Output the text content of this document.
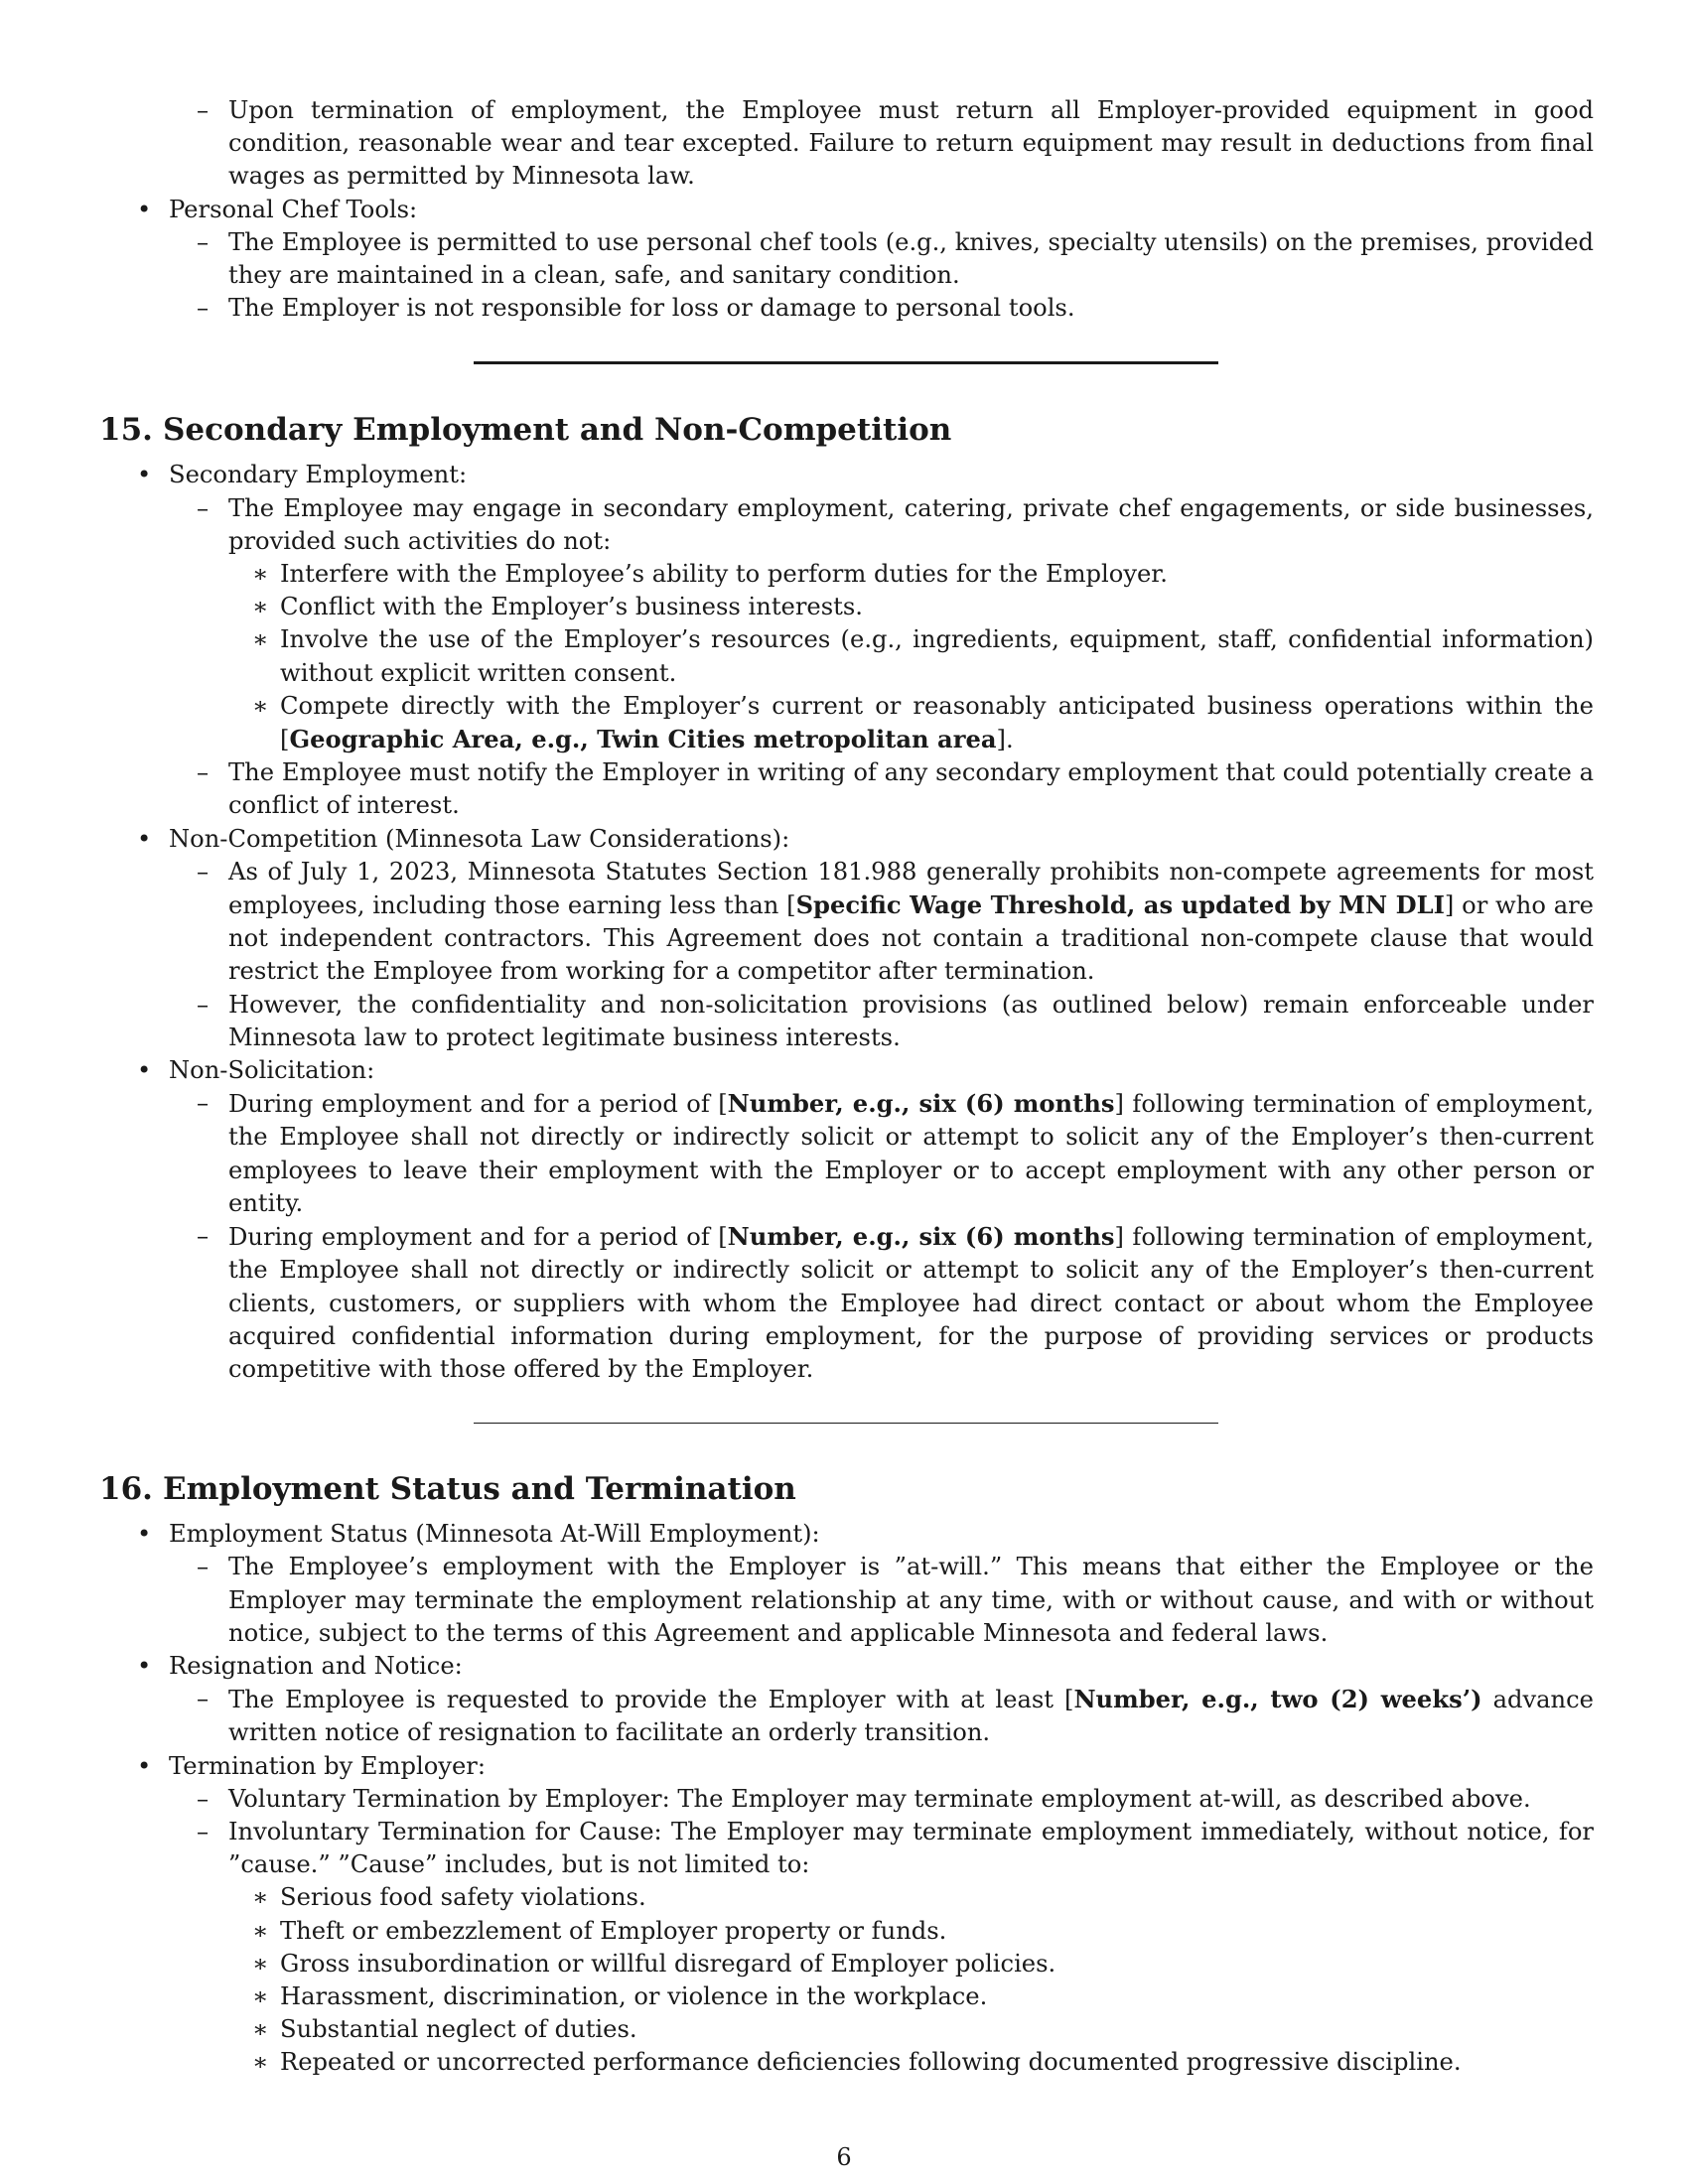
– Upon termination of employment, the Employee must return all Employer-provided equipment in good condition, reasonable wear and tear excepted. Failure to return equipment may result in deductions from final wages as permitted by Minnesota law.
• Personal Chef Tools:
– The Employee is permitted to use personal chef tools (e.g., knives, specialty utensils) on the premises, provided they are maintained in a clean, safe, and sanitary condition.
– The Employer is not responsible for loss or damage to personal tools.
15. Secondary Employment and Non-Competition
• Secondary Employment:
– The Employee may engage in secondary employment, catering, private chef engagements, or side businesses, provided such activities do not:
∗ Interfere with the Employee’s ability to perform duties for the Employer.
∗ Conflict with the Employer’s business interests.
∗ Involve the use of the Employer’s resources (e.g., ingredients, equipment, staff, confidential information) without explicit written consent.
∗ Compete directly with the Employer’s current or reasonably anticipated business operations within the [Geographic Area, e.g., Twin Cities metropolitan area].
– The Employee must notify the Employer in writing of any secondary employment that could potentially create a conflict of interest.
• Non-Competition (Minnesota Law Considerations):
– As of July 1, 2023, Minnesota Statutes Section 181.988 generally prohibits non-compete agreements for most employees, including those earning less than [Specific Wage Threshold, as updated by MN DLI] or who are not independent contractors. This Agreement does not contain a traditional non-compete clause that would restrict the Employee from working for a competitor after termination.
– However, the confidentiality and non-solicitation provisions (as outlined below) remain enforceable under Minnesota law to protect legitimate business interests.
• Non-Solicitation:
– During employment and for a period of [Number, e.g., six (6) months] following termination of employment, the Employee shall not directly or indirectly solicit or attempt to solicit any of the Employer’s then-current employees to leave their employment with the Employer or to accept employment with any other person or entity.
– During employment and for a period of [Number, e.g., six (6) months] following termination of employment, the Employee shall not directly or indirectly solicit or attempt to solicit any of the Employer’s then-current clients, customers, or suppliers with whom the Employee had direct contact or about whom the Employee acquired confidential information during employment, for the purpose of providing services or products competitive with those offered by the Employer.
16. Employment Status and Termination
• Employment Status (Minnesota At-Will Employment):
– The Employee’s employment with the Employer is ”at-will.” This means that either the Employee or the Employer may terminate the employment relationship at any time, with or without cause, and with or without notice, subject to the terms of this Agreement and applicable Minnesota and federal laws.
• Resignation and Notice:
– The Employee is requested to provide the Employer with at least [Number, e.g., two (2) weeks’) advance written notice of resignation to facilitate an orderly transition.
• Termination by Employer:
– Voluntary Termination by Employer: The Employer may terminate employment at-will, as described above.
– Involuntary Termination for Cause: The Employer may terminate employment immediately, without notice, for ”cause.” ”Cause” includes, but is not limited to:
∗ Serious food safety violations.
∗ Theft or embezzlement of Employer property or funds.
∗ Gross insubordination or willful disregard of Employer policies.
∗ Harassment, discrimination, or violence in the workplace.
∗ Substantial neglect of duties.
∗ Repeated or uncorrected performance deficiencies following documented progressive discipline.
6
